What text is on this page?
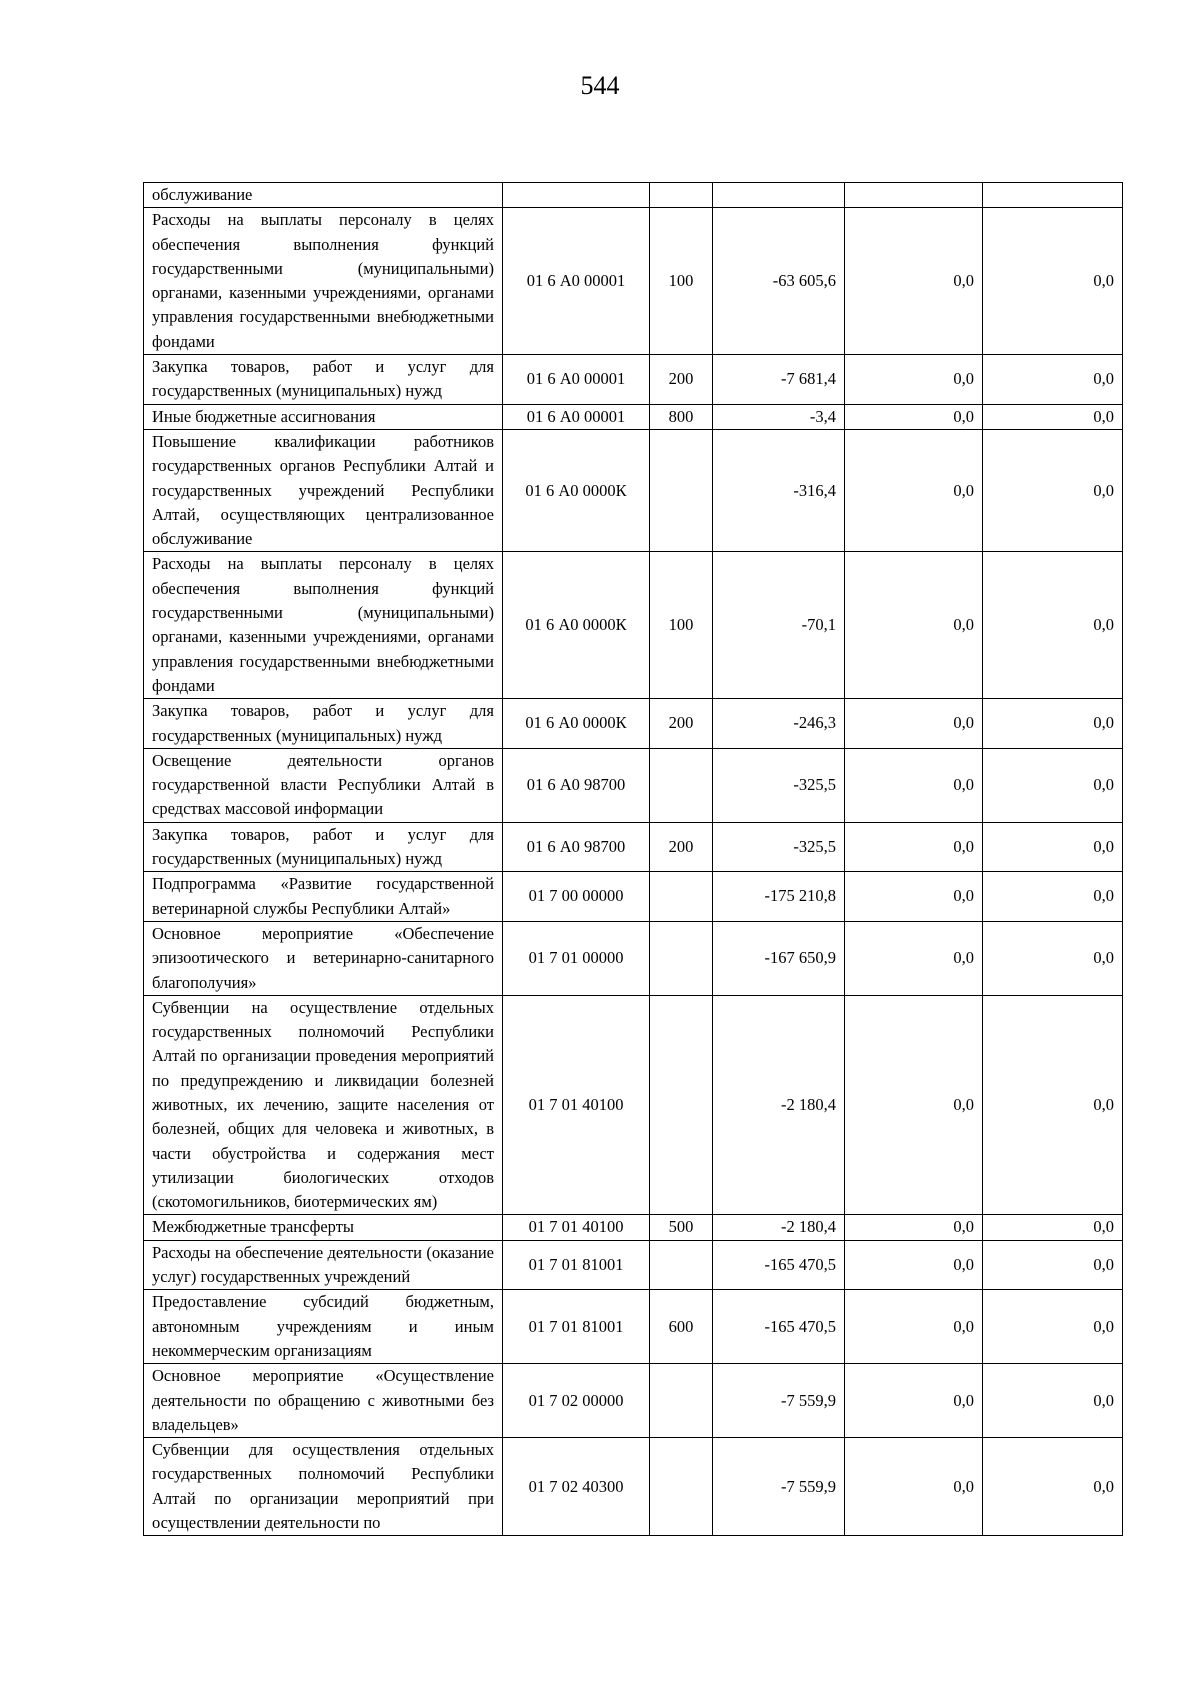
544
обслуживание					
Расходы на выплаты персоналу в целях обеспечения выполнения функций государственными (муниципальными) органами, казенными учреждениями, органами управления государственными внебюджетными фондами	01 6 А0 00001	100	-63 605,6	0,0	0,0
Закупка товаров, работ и услуг для государственных (муниципальных) нужд	01 6 А0 00001	200	-7 681,4	0,0	0,0
Иные бюджетные ассигнования	01 6 А0 00001	800	-3,4	0,0	0,0
Повышение квалификации работников государственных органов Республики Алтай и государственных учреждений Республики Алтай, осуществляющих централизованное обслуживание	01 6 А0 0000К		-316,4	0,0	0,0
Расходы на выплаты персоналу в целях обеспечения выполнения функций государственными (муниципальными) органами, казенными учреждениями, органами управления государственными внебюджетными фондами	01 6 А0 0000К	100	-70,1	0,0	0,0
Закупка товаров, работ и услуг для государственных (муниципальных) нужд	01 6 А0 0000К	200	-246,3	0,0	0,0
Освещение деятельности органов государственной власти Республики Алтай в средствах массовой информации	01 6 А0 98700		-325,5	0,0	0,0
Закупка товаров, работ и услуг для государственных (муниципальных) нужд	01 6 А0 98700	200	-325,5	0,0	0,0
Подпрограмма «Развитие государственной ветеринарной службы Республики Алтай»	01 7 00 00000		-175 210,8	0,0	0,0
Основное мероприятие «Обеспечение эпизоотического и ветеринарно-санитарного благополучия»	01 7 01 00000		-167 650,9	0,0	0,0
Субвенции на осуществление отдельных государственных полномочий Республики Алтай по организации проведения мероприятий по предупреждению и ликвидации болезней животных, их лечению, защите населения от болезней, общих для человека и животных, в части обустройства и содержания мест утилизации биологических отходов (скотомогильников, биотермических ям)	01 7 01 40100		-2 180,4	0,0	0,0
Межбюджетные трансферты	01 7 01 40100	500	-2 180,4	0,0	0,0
Расходы на обеспечение деятельности (оказание услуг) государственных учреждений	01 7 01 81001		-165 470,5	0,0	0,0
Предоставление субсидий бюджетным, автономным учреждениям и иным некоммерческим организациям	01 7 01 81001	600	-165 470,5	0,0	0,0
Основное мероприятие «Осуществление деятельности по обращению с животными без владельцев»	01 7 02 00000		-7 559,9	0,0	0,0
Субвенции для осуществления отдельных государственных полномочий Республики Алтай по организации мероприятий при осуществлении деятельности по	01 7 02 40300		-7 559,9	0,0	0,0
